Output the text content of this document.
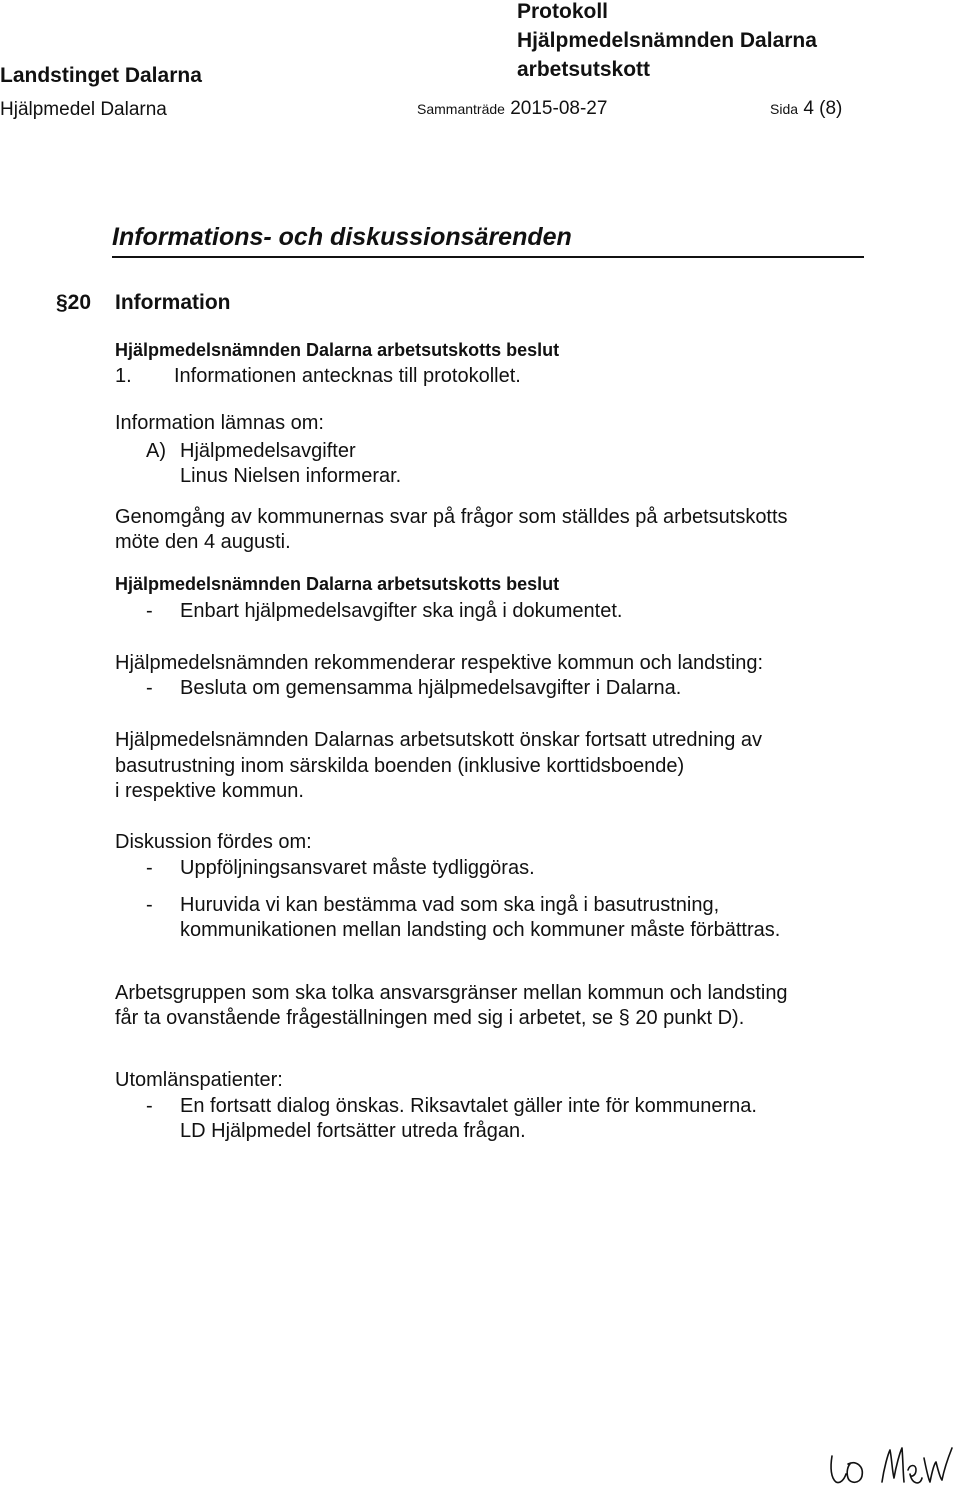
Protokoll
Hjälpmedelsnämnden Dalarna
arbetsutskott
Landstinget Dalarna
Hjälpmedel Dalarna	Sammanträde 2015-08-27	Sida 4 (8)
Informations- och diskussionsärenden
§20 Information
Hjälpmedelsnämnden Dalarna arbetsutskotts beslut
1. Informationen antecknas till protokollet.
Information lämnas om:
A) Hjälpmedelsavgifter
Linus Nielsen informerar.
Genomgång av kommunernas svar på frågor som ställdes på arbetsutskotts
möte den 4 augusti.
Hjälpmedelsnämnden Dalarna arbetsutskotts beslut
- Enbart hjälpmedelsavgifter ska ingå i dokumentet.
Hjälpmedelsnämnden rekommenderar respektive kommun och landsting:
- Besluta om gemensamma hjälpmedelsavgifter i Dalarna.
Hjälpmedelsnämnden Dalarnas arbetsutskott önskar fortsatt utredning av
basutrustning inom särskilda boenden (inklusive korttidsboende)
i respektive kommun.
Diskussion fördes om:
- Uppföljningsansvaret måste tydliggöras.
- Huruvida vi kan bestämma vad som ska ingå i basutrustning,
kommunikationen mellan landsting och kommuner måste förbättras.
Arbetsgruppen som ska tolka ansvarsgränser mellan kommun och landsting
får ta ovanstående frågeställningen med sig i arbetet, se § 20 punkt D).
Utomlänspatienter:
- En fortsatt dialog önskas. Riksavtalet gäller inte för kommunerna.
LD Hjälpmedel fortsätter utreda frågan.
